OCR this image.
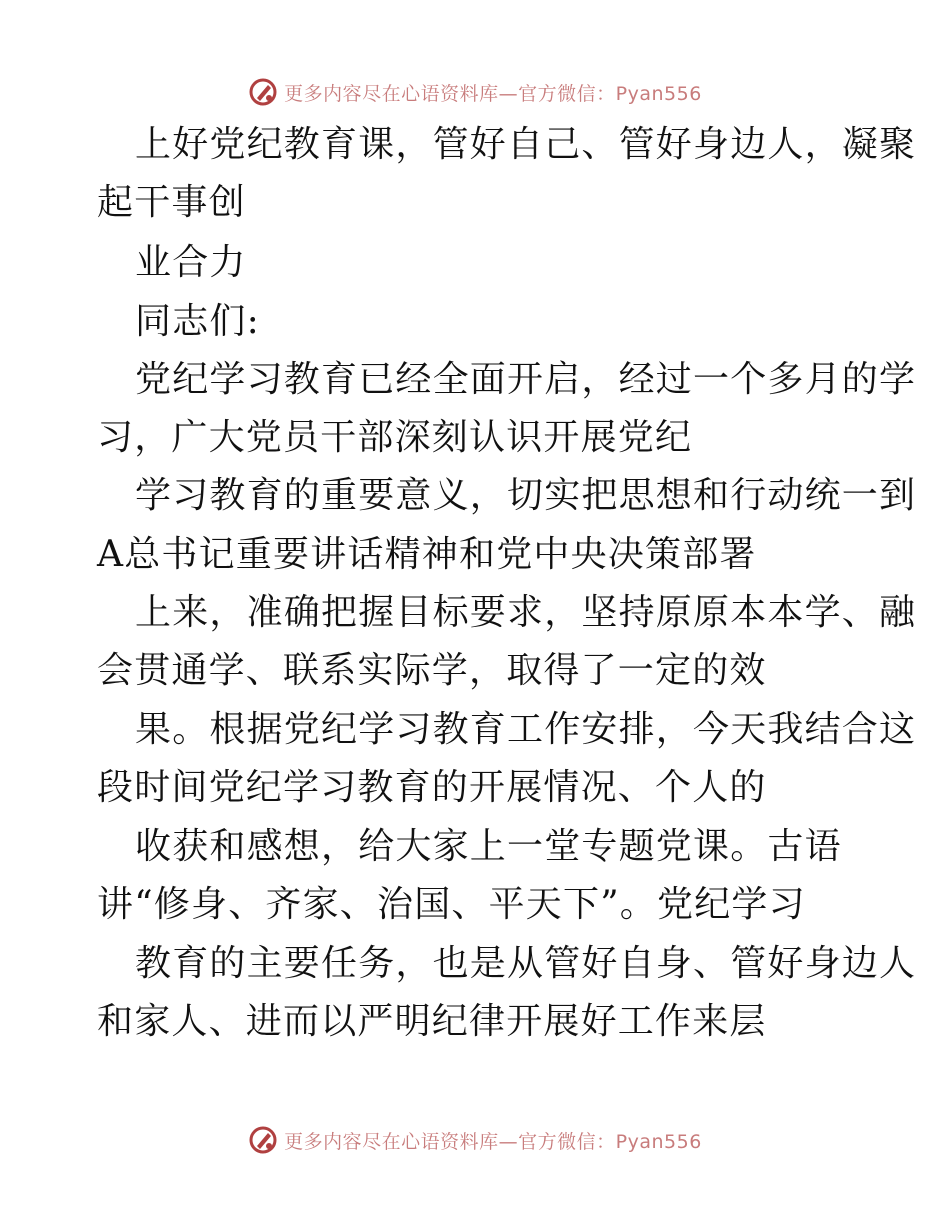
更多内容尽在心语资料库—官方微信：Pyan556
上好党纪教育课，管好自己、管好身边人，凝聚
起干事创
业合力
同志们:
党纪学习教育已经全面开启，经过一个多月的学
习，广大党员干部深刻认识开展党纪
学习教育的重要意义，切实把思想和行动统一到
A总书记重要讲话精神和党中央决策部署
上来，准确把握目标要求，坚持原原本本学、融
会贯通学、联系实际学，取得了一定的效
果。根据党纪学习教育工作安排，今天我结合这
段时间党纪学习教育的开展情况、个人的
收获和感想，给大家上一堂专题党课。古语
讲“修身、齐家、治国、平天下”。党纪学习
教育的主要任务，也是从管好自身、管好身边人
和家人、进而以严明纪律开展好工作来层
更多内容尽在心语资料库—官方微信：Pyan556
